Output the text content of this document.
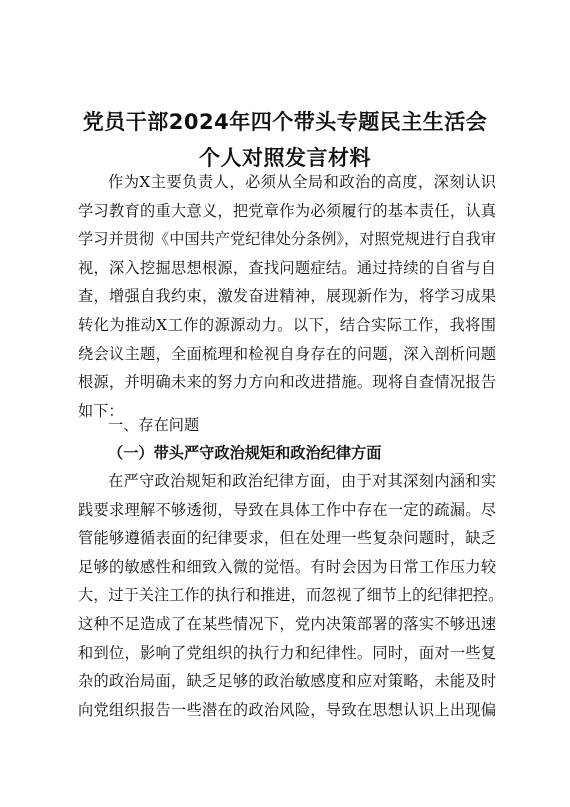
党员干部2024年四个带头专题民主生活会
个人对照发言材料
作为X主要负责人，必须从全局和政治的高度，深刻认识
学习教育的重大意义，把党章作为必须履行的基本责任，认真
学习并贯彻《中国共产党纪律处分条例》，对照党规进行自我审
视，深入挖掘思想根源，查找问题症结。通过持续的自省与自
查，增强自我约束，激发奋进精神，展现新作为，将学习成果
转化为推动X工作的源源动力。以下，结合实际工作，我将围
绕会议主题，全面梳理和检视自身存在的问题，深入剖析问题
根源，并明确未来的努力方向和改进措施。现将自查情况报告
如下：
一、存在问题
（一）带头严守政治规矩和政治纪律方面
在严守政治规矩和政治纪律方面，由于对其深刻内涵和实
践要求理解不够透彻，导致在具体工作中存在一定的疏漏。尽
管能够遵循表面的纪律要求，但在处理一些复杂问题时，缺乏
足够的敏感性和细致入微的觉悟。有时会因为日常工作压力较
大，过于关注工作的执行和推进，而忽视了细节上的纪律把控。
这种不足造成了在某些情况下，党内决策部署的落实不够迅速
和到位，影响了党组织的执行力和纪律性。同时，面对一些复
杂的政治局面，缺乏足够的政治敏感度和应对策略，未能及时
向党组织报告一些潜在的政治风险，导致在思想认识上出现偏
